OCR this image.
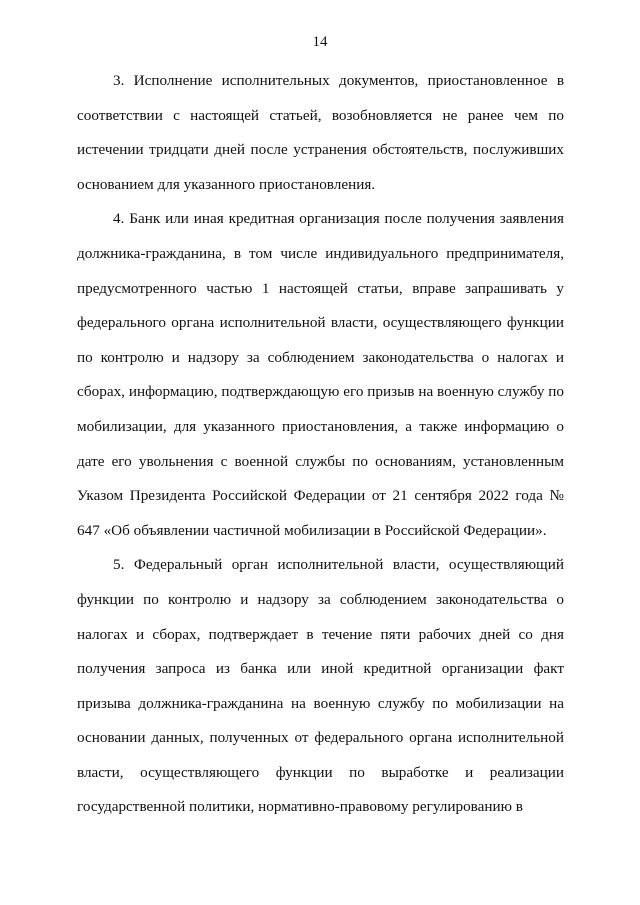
14

3. Исполнение исполнительных документов, приостановленное в соответствии с настоящей статьей, возобновляется не ранее чем по истечении тридцати дней после устранения обстоятельств, послуживших основанием для указанного приостановления.

4. Банк или иная кредитная организация после получения заявления должника-гражданина, в том числе индивидуального предпринимателя, предусмотренного частью 1 настоящей статьи, вправе запрашивать у федерального органа исполнительной власти, осуществляющего функции по контролю и надзору за соблюдением законодательства о налогах и сборах, информацию, подтверждающую его призыв на военную службу по мобилизации, для указанного приостановления, а также информацию о дате его увольнения с военной службы по основаниям, установленным Указом Президента Российской Федерации от 21 сентября 2022 года № 647 «Об объявлении частичной мобилизации в Российской Федерации».

5. Федеральный орган исполнительной власти, осуществляющий функции по контролю и надзору за соблюдением законодательства о налогах и сборах, подтверждает в течение пяти рабочих дней со дня получения запроса из банка или иной кредитной организации факт призыва должника-гражданина на военную службу по мобилизации на основании данных, полученных от федерального органа исполнительной власти, осуществляющего функции по выработке и реализации государственной политики, нормативно-правовому регулированию в
